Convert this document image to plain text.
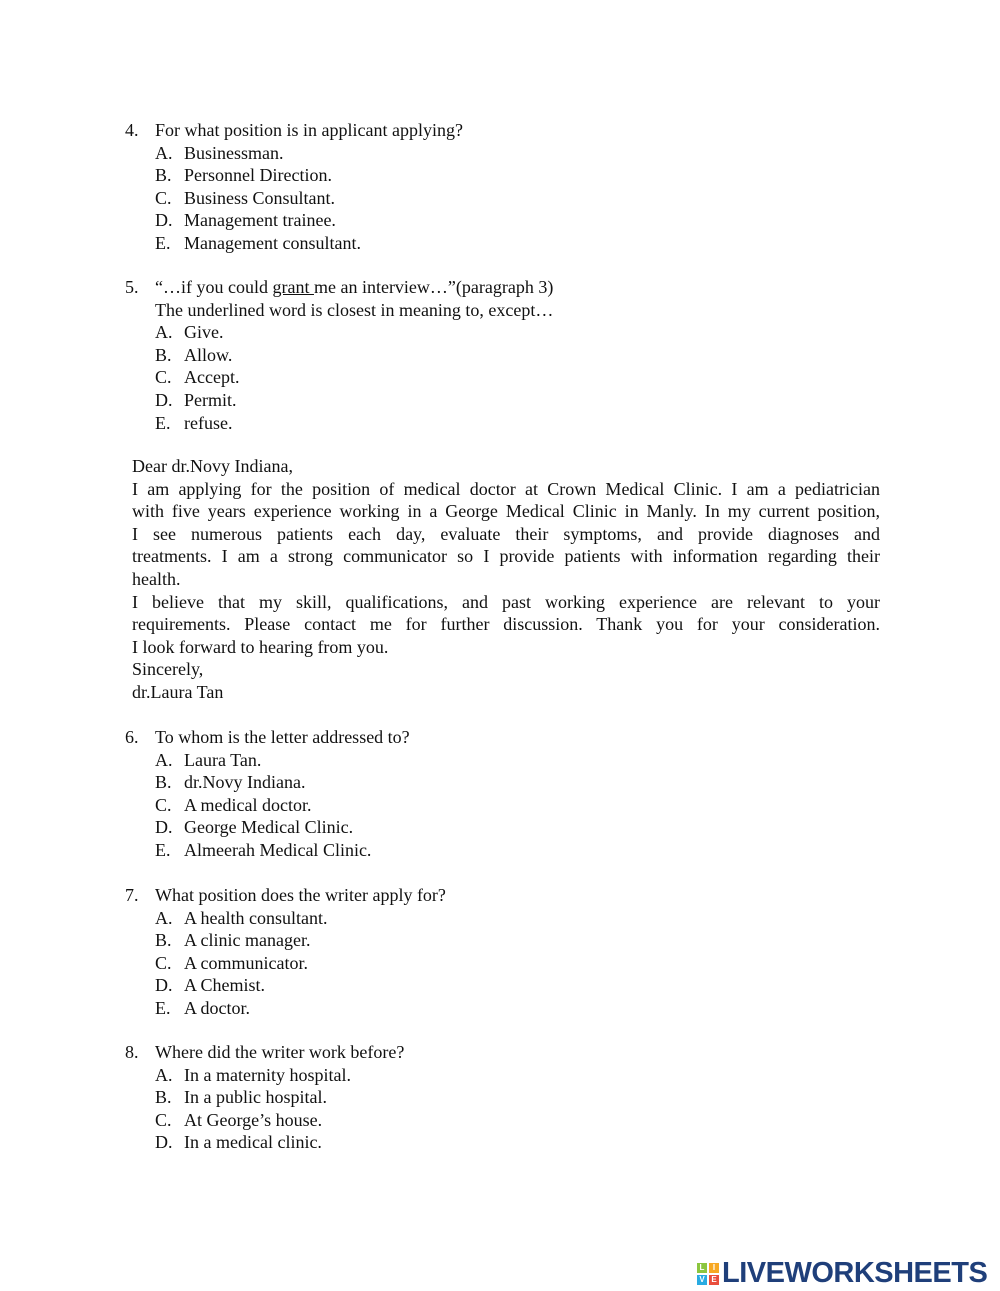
4. For what position is in applicant applying?
A. Businessman.
B. Personnel Direction.
C. Business Consultant.
D. Management trainee.
E. Management consultant.
5. “…if you could grant me an interview…”(paragraph 3)
The underlined word is closest in meaning to, except…
A. Give.
B. Allow.
C. Accept.
D. Permit.
E. refuse.
6. To whom is the letter addressed to?
A. Laura Tan.
B. dr.Novy Indiana.
C. A medical doctor.
D. George Medical Clinic.
E. Almeerah Medical Clinic.
7. What position does the writer apply for?
A. A health consultant.
B. A clinic manager.
C. A communicator.
D. A Chemist.
E. A doctor.
8. Where did the writer work before?
A. In a maternity hospital.
B. In a public hospital.
C. At George’s house.
D. In a medical clinic.
Dear dr.Novy Indiana,
I am applying for the position of medical doctor at Crown Medical Clinic. I am a pediatrician
with five years experience working in a George Medical Clinic in Manly. In my current position,
I see numerous patients each day, evaluate their symptoms, and provide diagnoses and
treatments. I am a strong communicator so I provide patients with information regarding their
health.
I believe that my skill, qualifications, and past working experience are relevant to your
requirements. Please contact me for further discussion. Thank you for your consideration.
I look forward to hearing from you.
Sincerely,
dr.Laura Tan
L	I
V E LIVEWORKSHEETS
